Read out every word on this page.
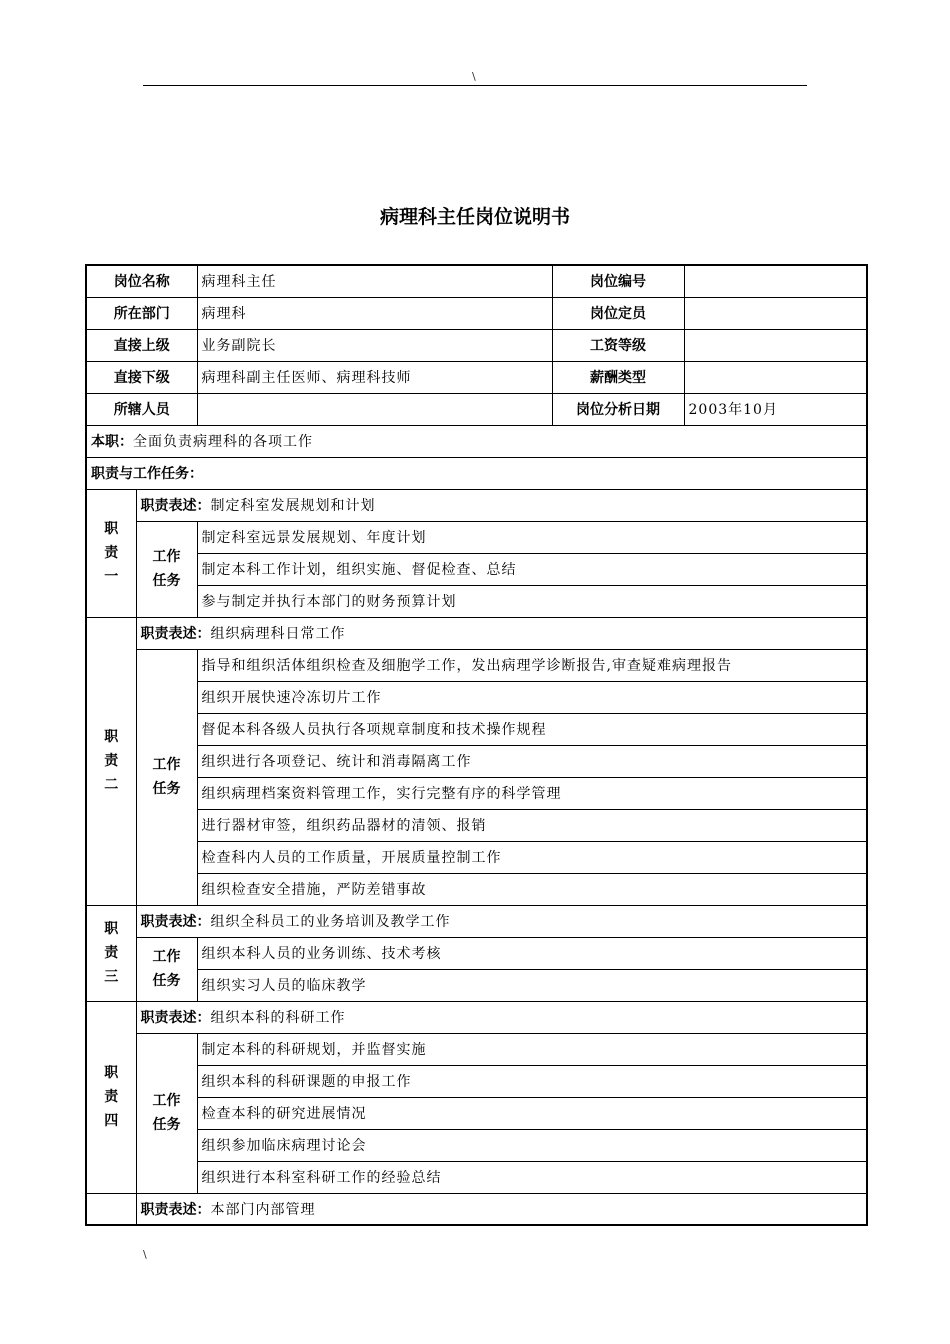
\
病理科主任岗位说明书
岗位名称		病理科主任	岗位编号	
所在部门		病理科	岗位定员	
直接上级		业务副院长	工资等级	
直接下级		病理科副主任医师、病理科技师	薪酬类型	
所辖人员			岗位分析日期	2003年10月
本职：全面负责病理科的各项工作				
职责与工作任务：				

职
责
一	职责表述：制定科室发展规划和计划			

	工作
任务	制定科室远景发展规划、年度计划		
		制定本科工作计划，组织实施、督促检查、总结		
		参与制定并执行本部门的财务预算计划		

职
责
二	职责表述：组织病理科日常工作			

	工作
任务	指导和组织活体组织检查及细胞学工作，发出病理学诊断报告,审查疑难病理报告		
		组织开展快速冷冻切片工作		
		督促本科各级人员执行各项规章制度和技术操作规程		
		组织进行各项登记、统计和消毒隔离工作		
		组织病理档案资料管理工作，实行完整有序的科学管理		
		进行器材审签，组织药品器材的清领、报销		
		检查科内人员的工作质量，开展质量控制工作		
		组织检查安全措施，严防差错事故		

职
责
三	职责表述：组织全科员工的业务培训及教学工作			

	工作
任务	组织本科人员的业务训练、技术考核		
		组织实习人员的临床教学		

职
责
四	职责表述：组织本科的科研工作			

	工作
任务	制定本科的科研规划，并监督实施		
		组织本科的科研课题的申报工作		
		检查本科的研究进展情况		
		组织参加临床病理讨论会		
		组织进行本科室科研工作的经验总结		
	职责表述：本部门内部管理			
\
